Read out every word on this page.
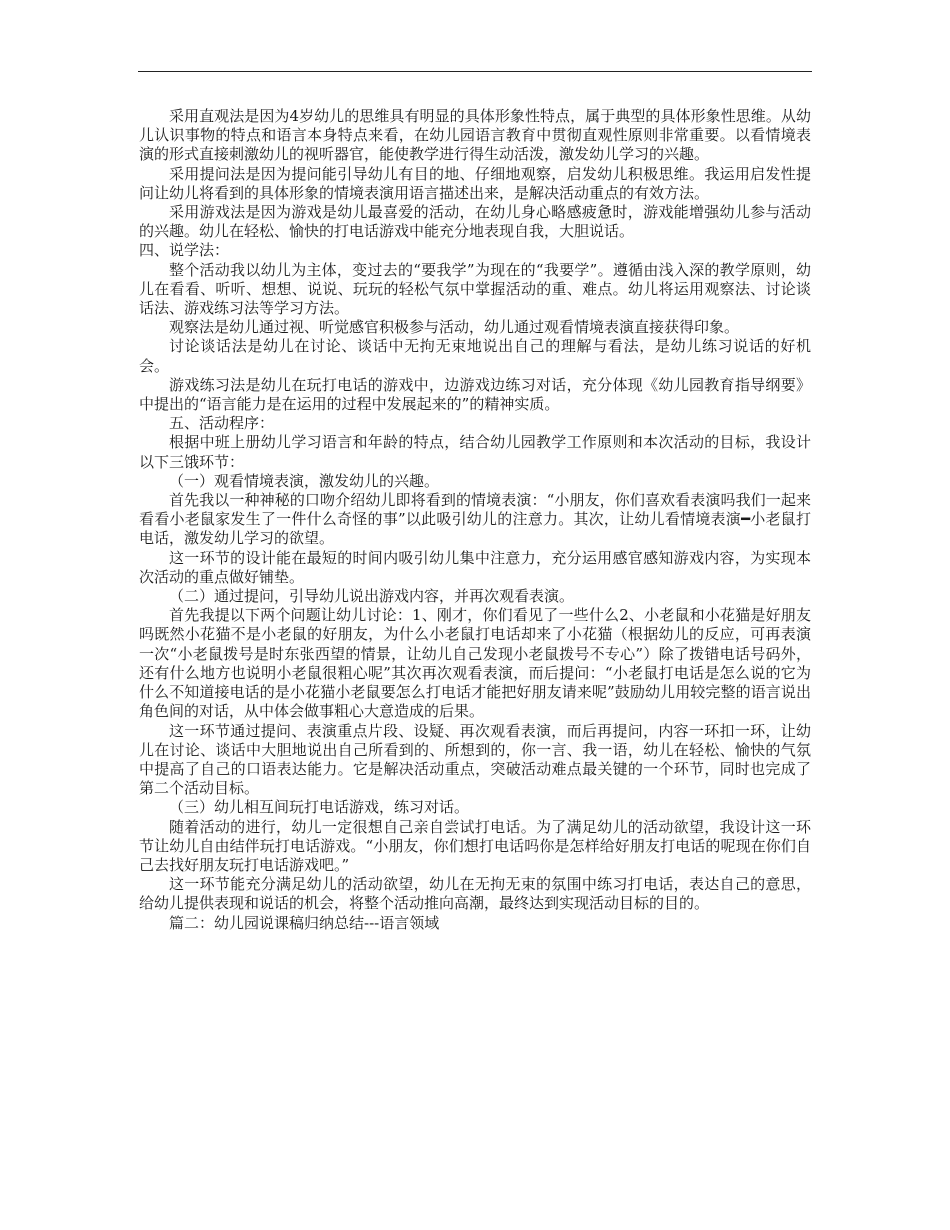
采用直观法是因为4岁幼儿的思维具有明显的具体形象性特点，属于典型的具体形象性思维。从幼儿认识事物的特点和语言本身特点来看，在幼儿园语言教育中贯彻直观性原则非常重要。以看情境表演的形式直接刺激幼儿的视听器官，能使教学进行得生动活泼，激发幼儿学习的兴趣。

采用提问法是因为提问能引导幼儿有目的地、仔细地观察，启发幼儿积极思维。我运用启发性提问让幼儿将看到的具体形象的情境表演用语言描述出来，是解决活动重点的有效方法。

采用游戏法是因为游戏是幼儿最喜爱的活动，在幼儿身心略感疲惫时，游戏能增强幼儿参与活动的兴趣。幼儿在轻松、愉快的打电话游戏中能充分地表现自我，大胆说话。

四、说学法：

整个活动我以幼儿为主体，变过去的“要我学”为现在的“我要学”。遵循由浅入深的教学原则，幼儿在看看、听听、想想、说说、玩玩的轻松气氛中掌握活动的重、难点。幼儿将运用观察法、讨论谈话法、游戏练习法等学习方法。

观察法是幼儿通过视、听觉感官积极参与活动，幼儿通过观看情境表演直接获得印象。

讨论谈话法是幼儿在讨论、谈话中无拘无束地说出自己的理解与看法，是幼儿练习说话的好机会。

游戏练习法是幼儿在玩打电话的游戏中，边游戏边练习对话，充分体现《幼儿园教育指导纲要》中提出的“语言能力是在运用的过程中发展起来的”的精神实质。

五、活动程序：

根据中班上册幼儿学习语言和年龄的特点，结合幼儿园教学工作原则和本次活动的目标，我设计以下三饿环节：

（一）观看情境表演，激发幼儿的兴趣。

首先我以一种神秘的口吻介绍幼儿即将看到的情境表演：“小朋友，你们喜欢看表演吗我们一起来看看小老鼠家发生了一件什么奇怪的事”以此吸引幼儿的注意力。其次，让幼儿看情境表演━小老鼠打电话，激发幼儿学习的欲望。

这一环节的设计能在最短的时间内吸引幼儿集中注意力，充分运用感官感知游戏内容，为实现本次活动的重点做好铺垫。

（二）通过提问，引导幼儿说出游戏内容，并再次观看表演。

首先我提以下两个问题让幼儿讨论：1、刚才，你们看见了一些什么2、小老鼠和小花猫是好朋友吗既然小花猫不是小老鼠的好朋友，为什么小老鼠打电话却来了小花猫（根据幼儿的反应，可再表演一次“小老鼠拨号是时东张西望的情景，让幼儿自己发现小老鼠拨号不专心”）除了拨错电话号码外，还有什么地方也说明小老鼠很粗心呢”其次再次观看表演，而后提问：“小老鼠打电话是怎么说的它为什么不知道接电话的是小花猫小老鼠要怎么打电话才能把好朋友请来呢”鼓励幼儿用较完整的语言说出角色间的对话，从中体会做事粗心大意造成的后果。

这一环节通过提问、表演重点片段、设疑、再次观看表演，而后再提问，内容一环扣一环，让幼儿在讨论、谈话中大胆地说出自己所看到的、所想到的，你一言、我一语，幼儿在轻松、愉快的气氛中提高了自己的口语表达能力。它是解决活动重点，突破活动难点最关键的一个环节，同时也完成了第二个活动目标。

（三）幼儿相互间玩打电话游戏，练习对话。

随着活动的进行，幼儿一定很想自己亲自尝试打电话。为了满足幼儿的活动欲望，我设计这一环节让幼儿自由结伴玩打电话游戏。“小朋友，你们想打电话吗你是怎样给好朋友打电话的呢现在你们自己去找好朋友玩打电话游戏吧。”

这一环节能充分满足幼儿的活动欲望，幼儿在无拘无束的氛围中练习打电话，表达自己的意思，给幼儿提供表现和说话的机会，将整个活动推向高潮，最终达到实现活动目标的目的。

篇二：幼儿园说课稿归纳总结---语言领域
